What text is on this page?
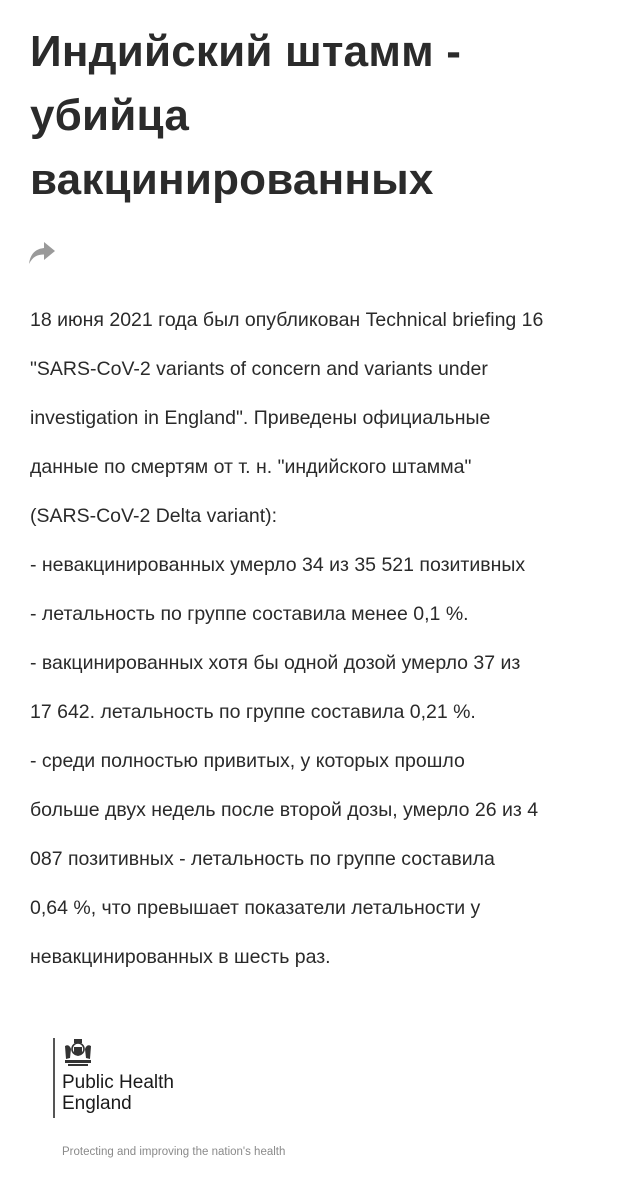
Индийский штамм -
убийца
вакцинированных

18 июня 2021 года был опубликован Technical briefing 16

"SARS-CoV-2 variants of concern and variants under

investigation in England". Приведены официальные

данные по смертям от т. н. "индийского штамма"

(SARS-CoV-2 Delta variant):

- невакцинированных умерло 34 из 35 521 позитивных

- летальность по группе составила менее 0,1 %.

- вакцинированных хотя бы одной дозой умерло 37 из

17 642. летальность по группе составила 0,21 %.

- среди полностью привитых, у которых прошло

больше двух недель после второй дозы, умерло 26 из 4

087 позитивных - летальность по группе составила

0,64 %, что превышает показатели летальности у

невакцинированных в шесть раз.

Public Health
England
Protecting and improving the nation's health
